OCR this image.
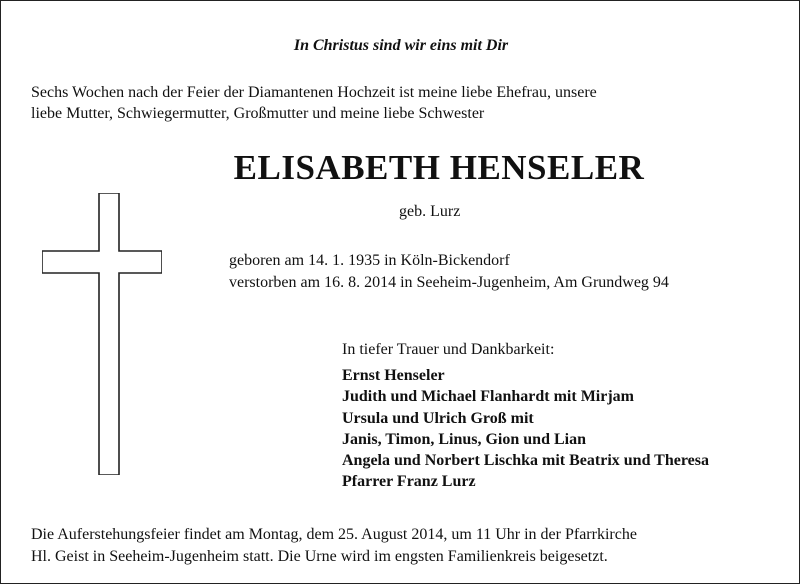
In Christus sind wir eins mit Dir
Sechs Wochen nach der Feier der Diamantenen Hochzeit ist meine liebe Ehefrau, unsere
liebe Mutter, Schwiegermutter, Großmutter und meine liebe Schwester
ELISABETH HENSELER
geb. Lurz
geboren am 14. 1. 1935 in Köln-Bickendorf
verstorben am 16. 8. 2014 in Seeheim-Jugenheim, Am Grundweg 94
In tiefer Trauer und Dankbarkeit:
Ernst Henseler
Judith und Michael Flanhardt mit Mirjam
Ursula und Ulrich Groß mit
Janis, Timon, Linus, Gion und Lian
Angela und Norbert Lischka mit Beatrix und Theresa
Pfarrer Franz Lurz
Die Auferstehungsfeier findet am Montag, dem 25. August 2014, um 11 Uhr in der Pfarrkirche
Hl. Geist in Seeheim-Jugenheim statt. Die Urne wird im engsten Familienkreis beigesetzt.
